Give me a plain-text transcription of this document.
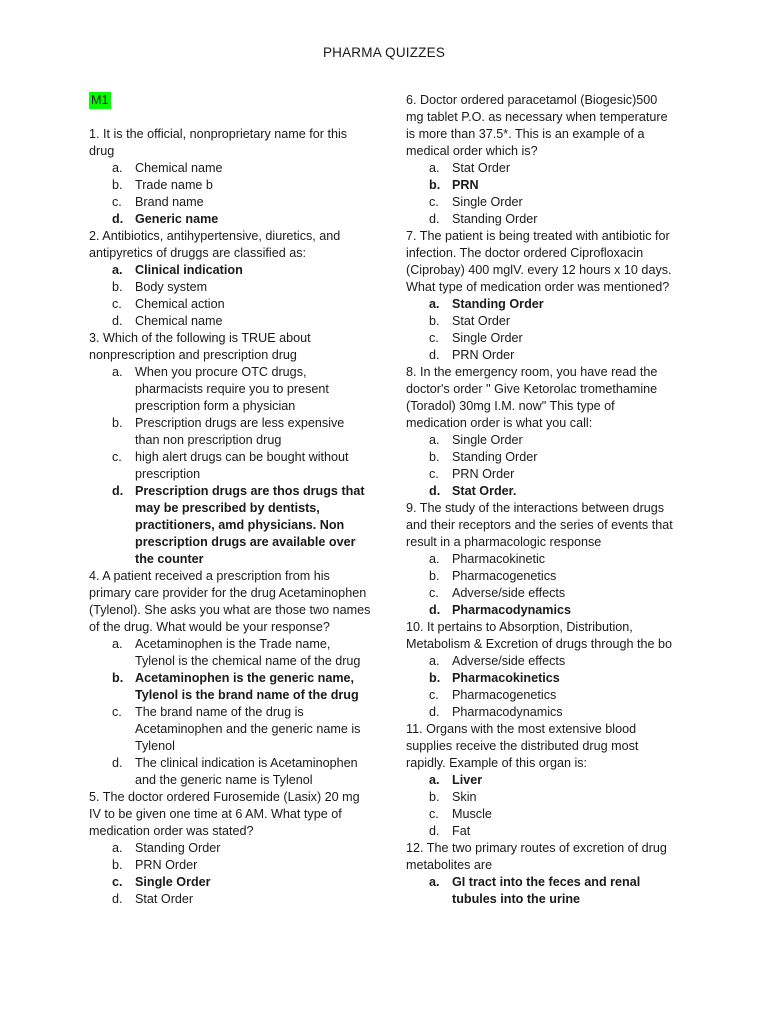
PHARMA QUIZZES
M1

1. It is the official, nonproprietary name for this drug

a. Chemical name
b. Trade name b
c.	Brand name
d. Generic name

2. Antibiotics, antihypertensive, diuretics, and antipyretics of druggs are classified as:

a. Clinical indication
b. Body system
c.	Chemical action
d. Chemical name

3. Which of the following is TRUE about nonprescription and prescription drug

a. When you procure OTC drugs, pharmacists require you to present prescription form a physician
b. Prescription drugs are less expensive than non prescription drug
c.	high alert drugs can be bought without prescription
d. Prescription drugs are thos drugs that may be prescribed by dentists, practitioners, amd physicians. Non prescription drugs are available over the counter

4. A patient received a prescription from his primary care provider for the drug Acetaminophen (Tylenol). She asks you what are those two names of the drug. What would be your response?

a. Acetaminophen is the Trade name, Tylenol is the chemical name of the drug
b. Acetaminophen is the generic name, Tylenol is the brand name of the drug
c.	The brand name of the drug is Acetaminophen and the generic name is Tylenol
d. The clinical indication is Acetaminophen and the generic name is Tylenol

5. The doctor ordered Furosemide (Lasix) 20 mg IV to be given one time at 6 AM. What type of medication order was stated?

a. Standing Order
b. PRN Order
c. Single Order
d. Stat Order

6. Doctor ordered paracetamol (Biogesic)500 mg tablet P.O. as necessary when temperature is more than 37.5*. This is an example of a medical order which is?

a. Stat Order
b. PRN
c.	Single Order
d. Standing Order

7. The patient is being treated with antibiotic for infection. The doctor ordered Ciprofloxacin (Ciprobay) 400 mglV. every 12 hours x 10 days. What type of medication order was mentioned?

a. Standing Order
b. Stat Order
c.	Single Order
d. PRN Order

8. In the emergency room, you have read the doctor's order " Give Ketorolac tromethamine (Toradol) 30mg I.M. now" This type of medication order is what you call:

a. Single Order
b. Standing Order
c.	PRN Order
d. Stat Order.

9. The study of the interactions between drugs and their receptors and the series of events that result in a pharmacologic response

a. Pharmacokinetic
b. Pharmacogenetics
c.	Adverse/side effects
d. Pharmacodynamics

10. It pertains to Absorption, Distribution, Metabolism & Excretion of drugs through the bo

a. Adverse/side effects
b. Pharmacokinetics
c.	Pharmacogenetics
d. Pharmacodynamics

11. Organs with the most extensive blood supplies receive the distributed drug most rapidly. Example of this organ is:

a. Liver
b. Skin
c.	Muscle
d. Fat

12. The two primary routes of excretion of drug metabolites are

a. GI tract into the feces and renal tubules into the urine
